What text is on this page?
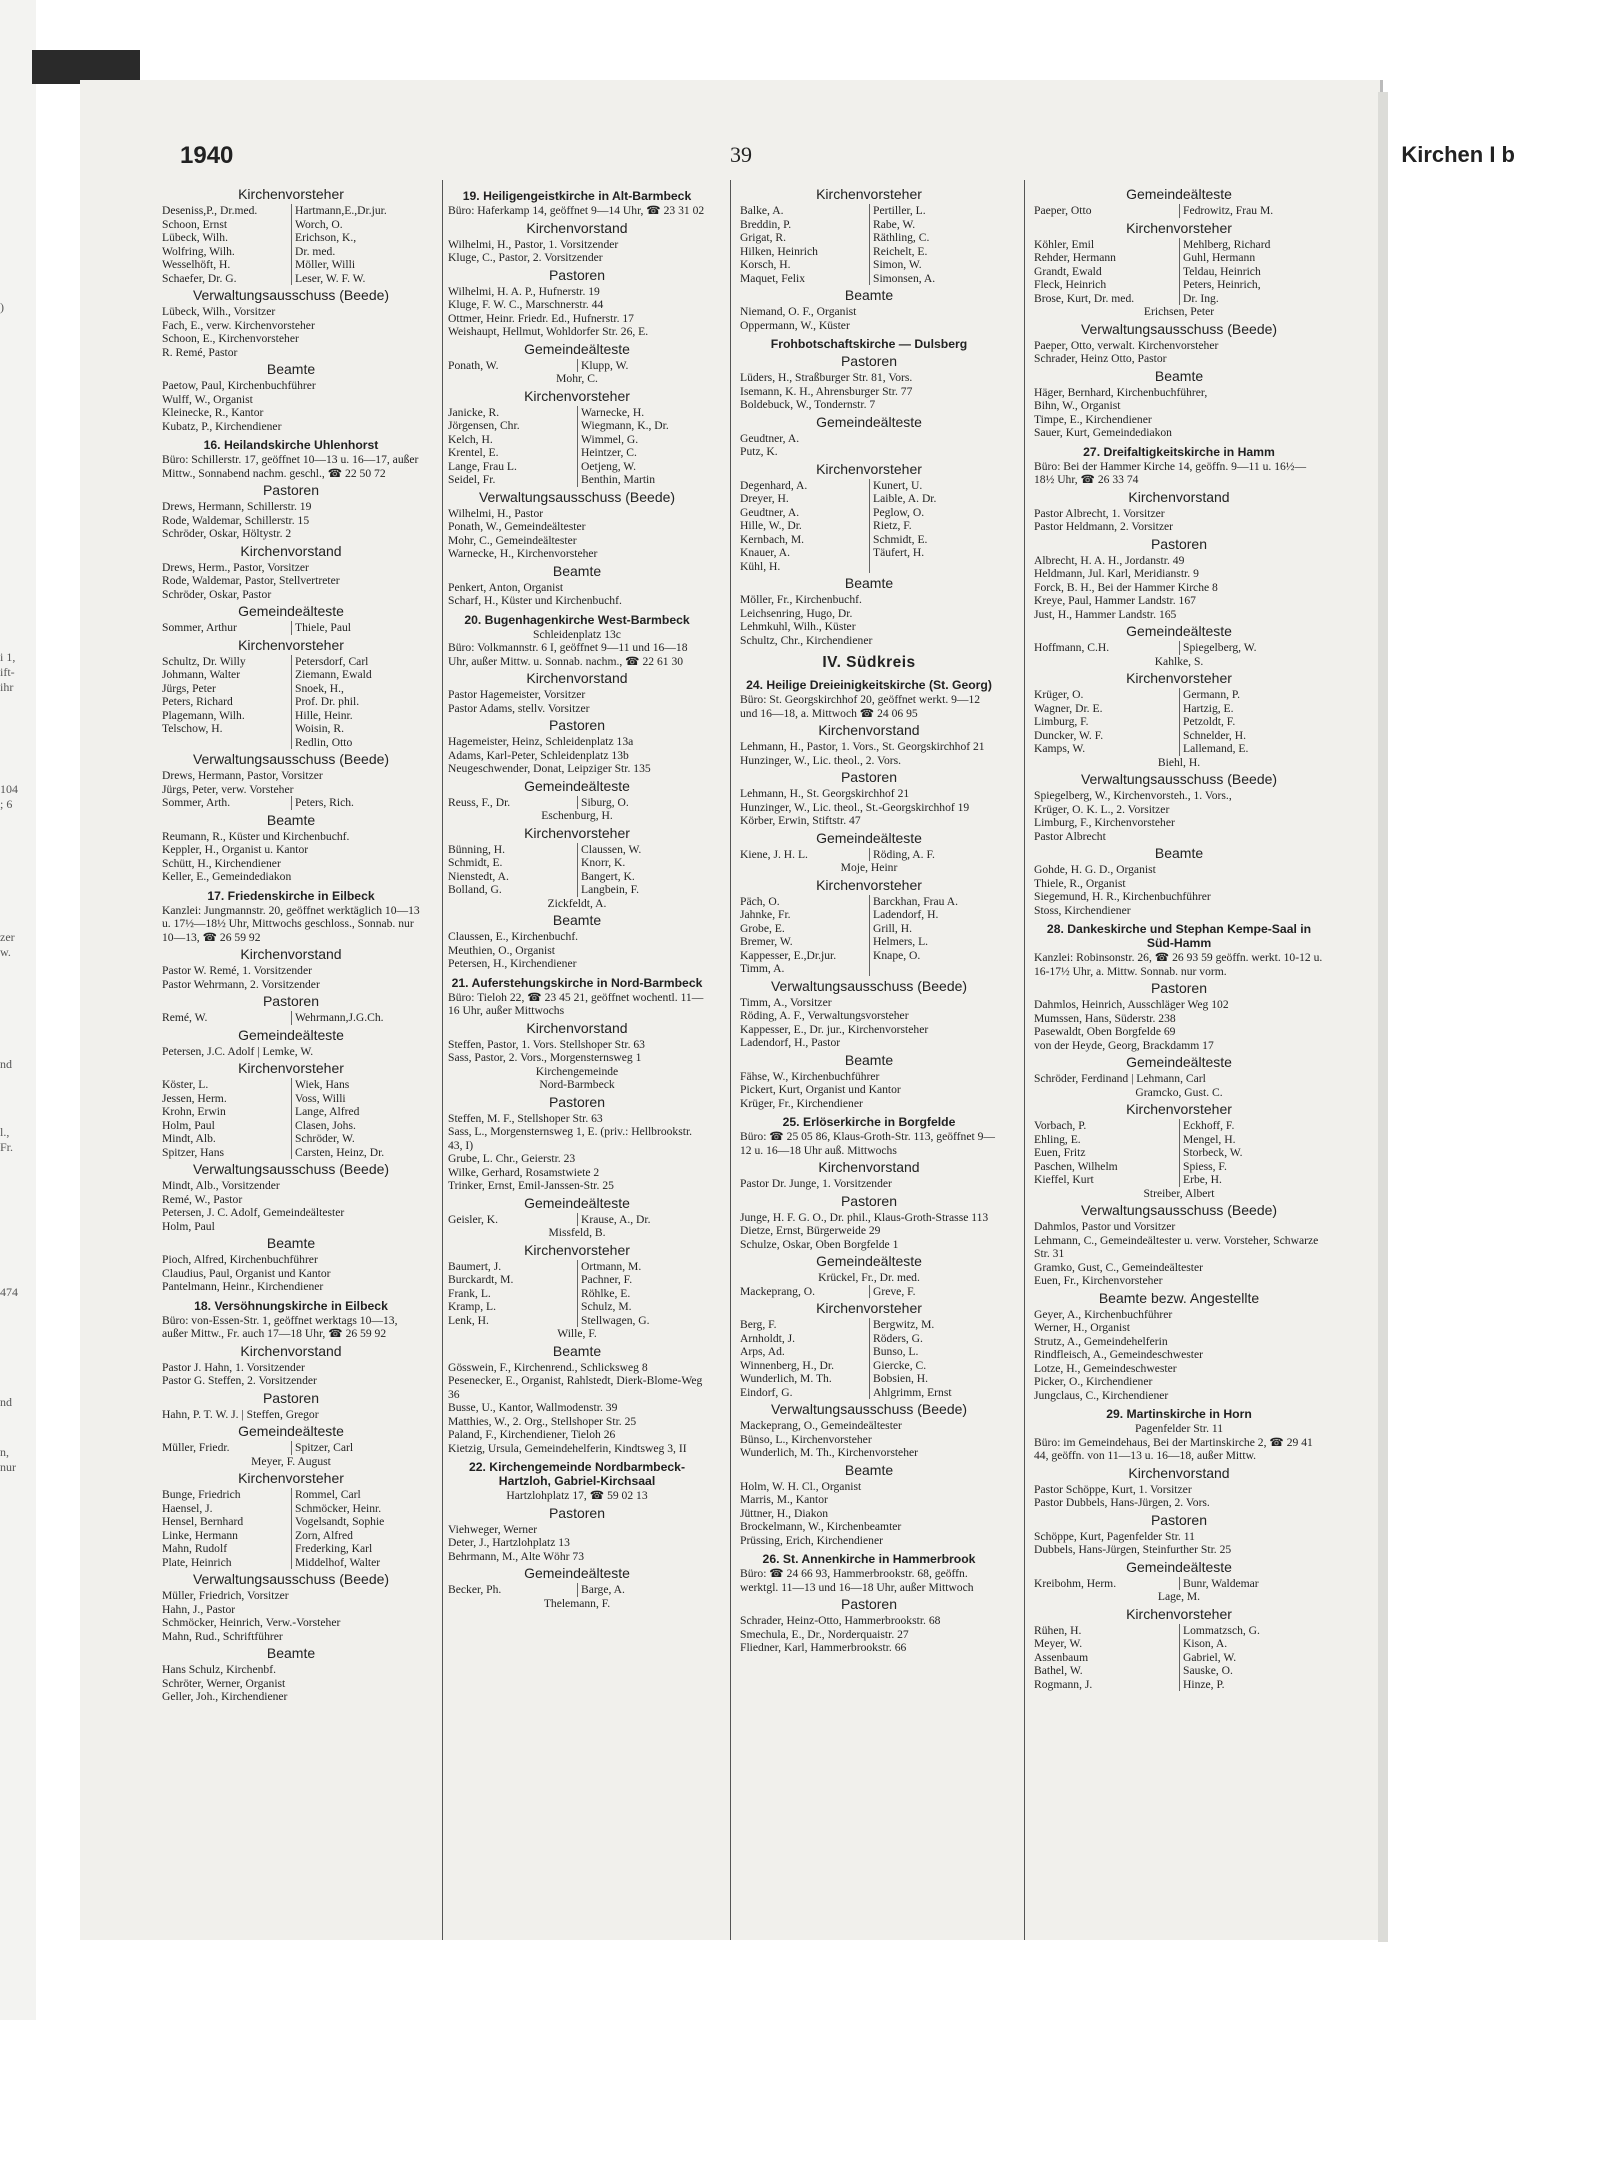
)
i 1,
ift-
ihr
104
; 6
zer
w.
nd
l.,
Fr.
474
nd
n,
nur
1940	39	Kirchen I b
Kirchenvorsteher
Deseniss,P., Dr.med.	Hartmann,E.,Dr.jur.
Schoon, Ernst	Worch, O.
Lübeck, Wilh.	Erichson, K.,
Wolfring, Wilh.	Dr. med.
Wesselhöft, H.	Möller, Willi
Schaefer, Dr. G.	Leser, W. F. W.
Verwaltungsausschuss (Beede)
Lübeck, Wilh., Vorsitzer
Fach, E., verw. Kirchenvorsteher
Schoon, E., Kirchenvorsteher
R. Remé, Pastor
Beamte
Paetow, Paul, Kirchenbuchführer
Wulff, W., Organist
Kleinecke, R., Kantor
Kubatz, P., Kirchendiener
16. Heilandskirche Uhlenhorst
Büro: Schillerstr. 17, geöffnet 10—13 u. 16—17, außer Mittw., Sonnabend nachm. geschl., ☎ 22 50 72
Pastoren
Drews, Hermann, Schillerstr. 19
Rode, Waldemar, Schillerstr. 15
Schröder, Oskar, Höltystr. 2
Kirchenvorstand
Drews, Herm., Pastor, Vorsitzer
Rode, Waldemar, Pastor, Stellvertreter
Schröder, Oskar, Pastor
Gemeindeälteste
Sommer, Arthur	Thiele, Paul
Kirchenvorsteher
Schultz, Dr. Willy	Petersdorf, Carl
Johmann, Walter	Ziemann, Ewald
Jürgs, Peter	Snoek, H.,
Peters, Richard	Prof. Dr. phil.
Plagemann, Wilh.	Hille, Heinr.
Telschow, H.	Woisin, R.
Redlin, Otto
Verwaltungsausschuss (Beede)
Drews, Hermann, Pastor, Vorsitzer
Jürgs, Peter, verw. Vorsteher
Sommer, Arth.	Peters, Rich.
Beamte
Reumann, R., Küster und Kirchenbuchf.
Keppler, H., Organist u. Kantor
Schütt, H., Kirchendiener
Keller, E., Gemeindediakon
17. Friedenskirche in Eilbeck
Kanzlei: Jungmannstr. 20, geöffnet werktäglich 10—13 u. 17½—18½ Uhr, Mittwochs geschloss., Sonnab. nur 10—13, ☎ 26 59 92
Kirchenvorstand
Pastor W. Remé, 1. Vorsitzender
Pastor Wehrmann, 2. Vorsitzender
Pastoren
Remé, W.	Wehrmann,J.G.Ch.
Gemeindeälteste
Petersen, J.C. Adolf | Lemke, W.
Kirchenvorsteher
Köster, L.	Wiek, Hans
Jessen, Herm.	Voss, Willi
Krohn, Erwin	Lange, Alfred
Holm, Paul	Clasen, Johs.
Mindt, Alb.	Schröder, W.
Spitzer, Hans	Carsten, Heinz, Dr.
Verwaltungsausschuss (Beede)
Mindt, Alb., Vorsitzender
Remé, W., Pastor
Petersen, J. C. Adolf, Gemeindeältester
Holm, Paul
Beamte
Pioch, Alfred, Kirchenbuchführer
Claudius, Paul, Organist und Kantor
Pantelmann, Heinr., Kirchendiener
18. Versöhnungskirche in Eilbeck
Büro: von-Essen-Str. 1, geöffnet werktags 10—13, außer Mittw., Fr. auch 17—18 Uhr, ☎ 26 59 92
Kirchenvorstand
Pastor J. Hahn, 1. Vorsitzender
Pastor G. Steffen, 2. Vorsitzender
Pastoren
Hahn, P. T. W. J. | Steffen, Gregor
Gemeindeälteste
Müller, Friedr.	Spitzer, Carl
Meyer, F. August
Kirchenvorsteher
Bunge, Friedrich	Rommel, Carl
Haensel, J.	Schmöcker, Heinr.
Hensel, Bernhard	Vogelsandt, Sophie
Linke, Hermann	Zorn, Alfred
Mahn, Rudolf	Frederking, Karl
Plate, Heinrich	Middelhof, Walter
Verwaltungsausschuss (Beede)
Müller, Friedrich, Vorsitzer
Hahn, J., Pastor
Schmöcker, Heinrich, Verw.-Vorsteher
Mahn, Rud., Schriftführer
Beamte
Hans Schulz, Kirchenbf.
Schröter, Werner, Organist
Geller, Joh., Kirchendiener
19. Heiligengeistkirche in Alt-Barmbeck
Büro: Haferkamp 14, geöffnet 9—14 Uhr, ☎ 23 31 02
Kirchenvorstand
Wilhelmi, H., Pastor, 1. Vorsitzender
Kluge, C., Pastor, 2. Vorsitzender
Pastoren
Wilhelmi, H. A. P., Hufnerstr. 19
Kluge, F. W. C., Marschnerstr. 44
Ottmer, Heinr. Friedr. Ed., Hufnerstr. 17
Weishaupt, Hellmut, Wohldorfer Str. 26, E.
Gemeindeälteste
Ponath, W.	Klupp, W.
Mohr, C.
Kirchenvorsteher
Janicke, R.	Warnecke, H.
Jörgensen, Chr.	Wiegmann, K., Dr.
Kelch, H.	Wimmel, G.
Krentel, E.	Heintzer, C.
Lange, Frau L.	Oetjeng, W.
Seidel, Fr.	Benthin, Martin
Verwaltungsausschuss (Beede)
Wilhelmi, H., Pastor
Ponath, W., Gemeindeältester
Mohr, C., Gemeindeältester
Warnecke, H., Kirchenvorsteher
Beamte
Penkert, Anton, Organist
Scharf, H., Küster und Kirchenbuchf.
20. Bugenhagenkirche West-Barmbeck
Schleidenplatz 13c
Büro: Volkmannstr. 6 I, geöffnet 9—11 und 16—18 Uhr, außer Mittw. u. Sonnab. nachm., ☎ 22 61 30
Kirchenvorstand
Pastor Hagemeister, Vorsitzer
Pastor Adams, stellv. Vorsitzer
Pastoren
Hagemeister, Heinz, Schleidenplatz 13a
Adams, Karl-Peter, Schleidenplatz 13b
Neugeschwender, Donat, Leipziger Str. 135
Gemeindeälteste
Reuss, F., Dr.	Siburg, O.
Eschenburg, H.
Kirchenvorsteher
Bünning, H.	Claussen, W.
Schmidt, E.	Knorr, K.
Nienstedt, A.	Bangert, K.
Bolland, G.	Langbein, F.
Zickfeldt, A.
Beamte
Claussen, E., Kirchenbuchf.
Meuthien, O., Organist
Petersen, H., Kirchendiener
21. Auferstehungskirche in Nord-Barmbeck
Büro: Tieloh 22, ☎ 23 45 21, geöffnet wochentl. 11—16 Uhr, außer Mittwochs
Kirchenvorstand
Steffen, Pastor, 1. Vors. Stellshoper Str. 63
Sass, Pastor, 2. Vors., Morgensternsweg 1
Kirchengemeinde
Nord-Barmbeck
Pastoren
Steffen, M. F., Stellshoper Str. 63
Sass, L., Morgensternsweg 1, E. (priv.: Hellbrookstr. 43, I)
Grube, L. Chr., Geierstr. 23
Wilke, Gerhard, Rosamstwiete 2
Trinker, Ernst, Emil-Janssen-Str. 25
Gemeindeälteste
Geisler, K.	Krause, A., Dr.
Missfeld, B.
Kirchenvorsteher
Baumert, J.	Ortmann, M.
Burckardt, M.	Pachner, F.
Frank, L.	Röhlke, E.
Kramp, L.	Schulz, M.
Lenk, H.	Stellwagen, G.
Wille, F.
Beamte
Gösswein, F., Kirchenrend., Schlicksweg 8
Pesenecker, E., Organist, Rahlstedt, Dierk-Blome-Weg 36
Busse, U., Kantor, Wallmodenstr. 39
Matthies, W., 2. Org., Stellshoper Str. 25
Paland, F., Kirchendiener, Tieloh 26
Kietzig, Ursula, Gemeindehelferin, Kindtsweg 3, II
22. Kirchengemeinde Nordbarmbeck-Hartzloh, Gabriel-Kirchsaal
Hartzlohplatz 17, ☎ 59 02 13
Pastoren
Viehweger, Werner
Deter, J., Hartzlohplatz 13
Behrmann, M., Alte Wöhr 73
Gemeindeälteste
Becker, Ph.	Barge, A.
Thelemann, F.
Kirchenvorsteher
Balke, A.	Pertiller, L.
Breddin, P.	Rabe, W.
Grigat, R.	Räthling, C.
Hilken, Heinrich	Reichelt, E.
Korsch, H.	Simon, W.
Maquet, Felix	Simonsen, A.
Beamte
Niemand, O. F., Organist
Oppermann, W., Küster
Frohbotschaftskirche — Dulsberg
Pastoren
Lüders, H., Straßburger Str. 81, Vors.
Isemann, K. H., Ahrensburger Str. 77
Boldebuck, W., Tondernstr. 7
Gemeindeälteste
Geudtner, A.
Putz, K.
Kirchenvorsteher
Degenhard, A.	Kunert, U.
Dreyer, H.	Laible, A. Dr.
Geudtner, A.	Peglow, O.
Hille, W., Dr.	Rietz, F.
Kernbach, M.	Schmidt, E.
Knauer, A.	Täufert, H.
Kühl, H.
Beamte
Möller, Fr., Kirchenbuchf.
Leichsenring, Hugo, Dr.
Lehmkuhl, Wilh., Küster
Schultz, Chr., Kirchendiener
IV. Südkreis
24. Heilige Dreieinigkeitskirche (St. Georg)
Büro: St. Georgskirchhof 20, geöffnet werkt. 9—12 und 16—18, a. Mittwoch ☎ 24 06 95
Kirchenvorstand
Lehmann, H., Pastor, 1. Vors., St. Georgskirchhof 21
Hunzinger, W., Lic. theol., 2. Vors.
Pastoren
Lehmann, H., St. Georgskirchhof 21
Hunzinger, W., Lic. theol., St.-Georgskirchhof 19
Körber, Erwin, Stiftstr. 47
Gemeindeälteste
Kiene, J. H. L.	Röding, A. F.
Moje, Heinr
Kirchenvorsteher
Päch, O.	Barckhan, Frau A.
Jahnke, Fr.	Ladendorf, H.
Grobe, E.	Grill, H.
Bremer, W.	Helmers, L.
Kappesser, E.,Dr.jur.	Knape, O.
Timm, A.
Verwaltungsausschuss (Beede)
Timm, A., Vorsitzer
Röding, A. F., Verwaltungsvorsteher
Kappesser, E., Dr. jur., Kirchenvorsteher
Ladendorf, H., Pastor
Beamte
Fähse, W., Kirchenbuchführer
Pickert, Kurt, Organist und Kantor
Krüger, Fr., Kirchendiener
25. Erlöserkirche in Borgfelde
Büro: ☎ 25 05 86, Klaus-Groth-Str. 113, geöffnet 9—12 u. 16—18 Uhr auß. Mittwochs
Kirchenvorstand
Pastor Dr. Junge, 1. Vorsitzender
Pastoren
Junge, H. F. G. O., Dr. phil., Klaus-Groth-Strasse 113
Dietze, Ernst, Bürgerweide 29
Schulze, Oskar, Oben Borgfelde 1
Gemeindeälteste
Krückel, Fr., Dr. med.
Mackeprang, O.	Greve, F.
Kirchenvorsteher
Berg, F.	Bergwitz, M.
Arnholdt, J.	Röders, G.
Arps, Ad.	Bunso, L.
Winnenberg, H., Dr.	Giercke, C.
Wunderlich, M. Th.	Bobsien, H.
Eindorf, G.	Ahlgrimm, Ernst
Verwaltungsausschuss (Beede)
Mackeprang, O., Gemeindeältester
Bünso, L., Kirchenvorsteher
Wunderlich, M. Th., Kirchenvorsteher
Beamte
Holm, W. H. Cl., Organist
Marris, M., Kantor
Jüttner, H., Diakon
Brockelmann, W., Kirchenbeamter
Prüssing, Erich, Kirchendiener
26. St. Annenkirche in Hammerbrook
Büro: ☎ 24 66 93, Hammerbrookstr. 68, geöffn. werktgl. 11—13 und 16—18 Uhr, außer Mittwoch
Pastoren
Schrader, Heinz-Otto, Hammerbrookstr. 68
Smechula, E., Dr., Norderquaistr. 27
Fliedner, Karl, Hammerbrookstr. 66
Gemeindeälteste
Paeper, Otto	Fedrowitz, Frau M.
Kirchenvorsteher
Köhler, Emil	Mehlberg, Richard
Rehder, Hermann	Guhl, Hermann
Grandt, Ewald	Teldau, Heinrich
Fleck, Heinrich	Peters, Heinrich,
Brose, Kurt, Dr. med.	Dr. Ing.
Erichsen, Peter
Verwaltungsausschuss (Beede)
Paeper, Otto, verwalt. Kirchenvorsteher
Schrader, Heinz Otto, Pastor
Beamte
Häger, Bernhard, Kirchenbuchführer,
Bihn, W., Organist
Timpe, E., Kirchendiener
Sauer, Kurt, Gemeindediakon
27. Dreifaltigkeitskirche in Hamm
Büro: Bei der Hammer Kirche 14, geöffn. 9—11 u. 16½—18½ Uhr, ☎ 26 33 74
Kirchenvorstand
Pastor Albrecht, 1. Vorsitzer
Pastor Heldmann, 2. Vorsitzer
Pastoren
Albrecht, H. A. H., Jordanstr. 49
Heldmann, Jul. Karl, Meridianstr. 9
Forck, B. H., Bei der Hammer Kirche 8
Kreye, Paul, Hammer Landstr. 167
Just, H., Hammer Landstr. 165
Gemeindeälteste
Hoffmann, C.H.	Spiegelberg, W.
Kahlke, S.
Kirchenvorsteher
Krüger, O.	Germann, P.
Wagner, Dr. E.	Hartzig, E.
Limburg, F.	Petzoldt, F.
Duncker, W. F.	Schnelder, H.
Kamps, W.	Lallemand, E.
Biehl, H.
Verwaltungsausschuss (Beede)
Spiegelberg, W., Kirchenvorsteh., 1. Vors.,
Krüger, O. K. L., 2. Vorsitzer
Limburg, F., Kirchenvorsteher
Pastor Albrecht
Beamte
Gohde, H. G. D., Organist
Thiele, R., Organist
Siegemund, H. R., Kirchenbuchführer
Stoss, Kirchendiener
28. Dankeskirche und Stephan Kempe-Saal in Süd-Hamm
Kanzlei: Robinsonstr. 26, ☎ 26 93 59 geöffn. werkt. 10-12 u. 16-17½ Uhr, a. Mittw. Sonnab. nur vorm.
Pastoren
Dahmlos, Heinrich, Ausschläger Weg 102
Mumssen, Hans, Süderstr. 238
Pasewaldt, Oben Borgfelde 69
von der Heyde, Georg, Brackdamm 17
Gemeindeälteste
Schröder, Ferdinand | Lehmann, Carl
Gramcko, Gust. C.
Kirchenvorsteher
Vorbach, P.	Eckhoff, F.
Ehling, E.	Mengel, H.
Euen, Fritz	Storbeck, W.
Paschen, Wilhelm	Spiess, F.
Kieffel, Kurt	Erbe, H.
Streiber, Albert
Verwaltungsausschuss (Beede)
Dahmlos, Pastor und Vorsitzer
Lehmann, C., Gemeindeältester u. verw. Vorsteher, Schwarze Str. 31
Gramko, Gust, C., Gemeindeältester
Euen, Fr., Kirchenvorsteher
Beamte bezw. Angestellte
Geyer, A., Kirchenbuchführer
Werner, H., Organist
Strutz, A., Gemeindehelferin
Rindfleisch, A., Gemeindeschwester
Lotze, H., Gemeindeschwester
Picker, O., Kirchendiener
Jungclaus, C., Kirchendiener
29. Martinskirche in Horn
Pagenfelder Str. 11
Büro: im Gemeindehaus, Bei der Martinskirche 2, ☎ 29 41 44, geöffn. von 11—13 u. 16—18, außer Mittw.
Kirchenvorstand
Pastor Schöppe, Kurt, 1. Vorsitzer
Pastor Dubbels, Hans-Jürgen, 2. Vors.
Pastoren
Schöppe, Kurt, Pagenfelder Str. 11
Dubbels, Hans-Jürgen, Steinfurther Str. 25
Gemeindeälteste
Kreibohm, Herm.	Bunr, Waldemar
Lage, M.
Kirchenvorsteher
Rühen, H.	Lommatzsch, G.
Meyer, W.	Kison, A.
Assenbaum	Gabriel, W.
Bathel, W.	Sauske, O.
Rogmann, J.	Hinze, P.
